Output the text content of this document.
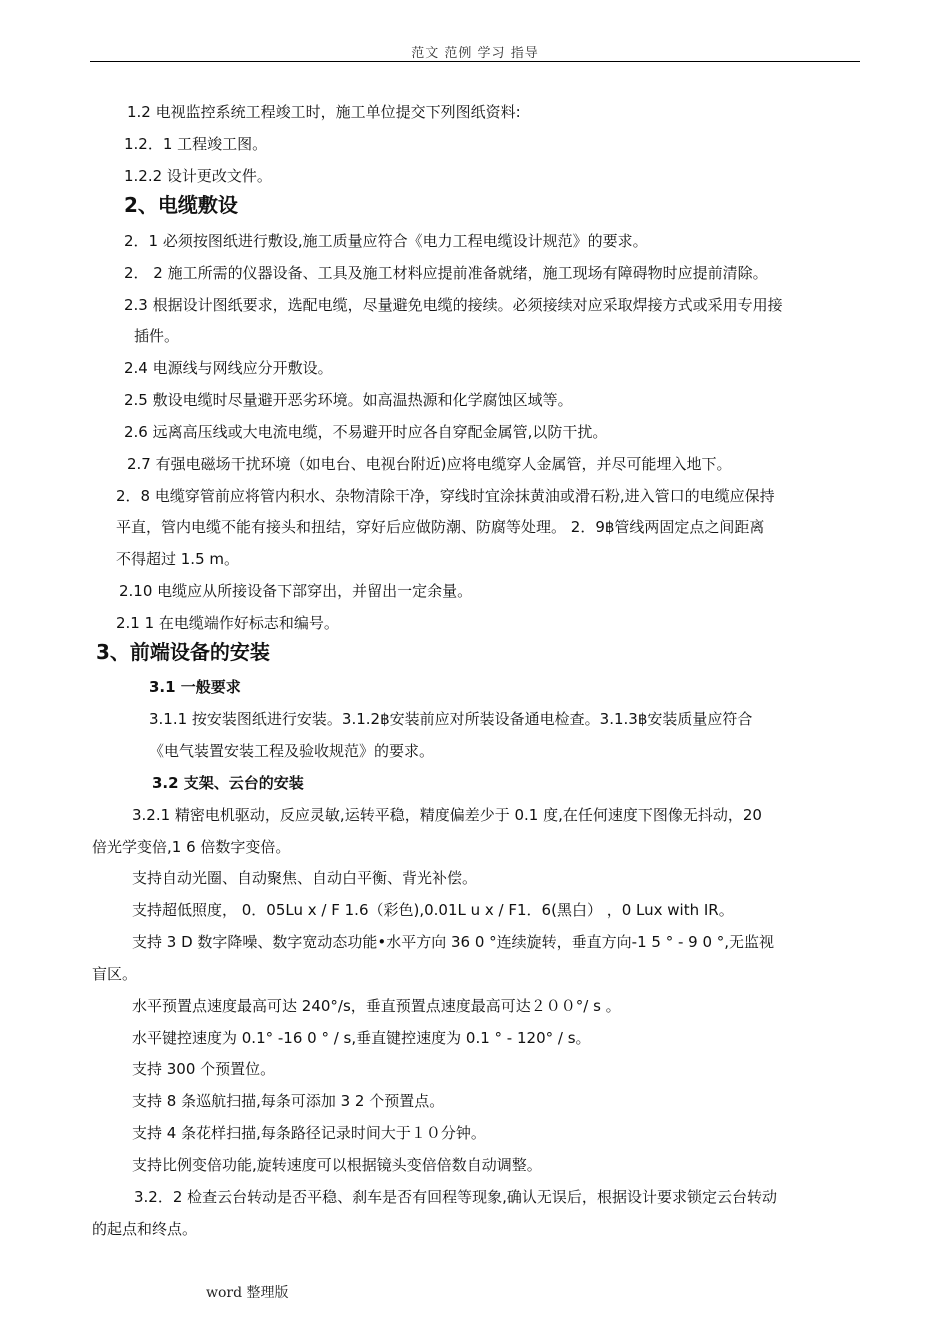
范文 范例 学习 指导
1.2 电视监控系统工程竣工时，施工单位提交下列图纸资料:
1.2．1 工程竣工图。
1.2.2 设计更改文件。
2、电缆敷设
2．1 必须按图纸进行敷设,施工质量应符合《电力工程电缆设计规范》的要求。
2． 2 施工所需的仪器设备、工具及施工材料应提前准备就绪，施工现场有障碍物时应提前清除。
2.3 根据设计图纸要求，选配电缆，尽量避免电缆的接续。必须接续对应采取焊接方式或采用专用接
插件。
2.4 电源线与网线应分开敷设。
2.5 敷设电缆时尽量避开恶劣环境。如高温热源和化学腐蚀区域等。
2.6 远离高压线或大电流电缆，不易避开时应各自穿配金属管,以防干扰。
2.7 有强电磁场干扰环境（如电台、电视台附近)应将电缆穿人金属管，并尽可能埋入地下。
2．8 电缆穿管前应将管内积水、杂物清除干净，穿线时宜涂抹黄油或滑石粉,进入管口的电缆应保持
平直，管内电缆不能有接头和扭结，穿好后应做防潮、防腐等处理。 2．9฿管线两固定点之间距离
不得超过 1.5 m。
2.10 电缆应从所接设备下部穿出，并留出一定余量。
2.1 1 在电缆端作好标志和编号。
3、前端设备的安装
3.1 一般要求
3.1.1 按安装图纸进行安装。3.1.2฿安装前应对所装设备通电检查。3.1.3฿安装质量应符合
《电气装置安装工程及验收规范》的要求。
3.2 支架、云台的安装
3.2.1 精密电机驱动，反应灵敏,运转平稳，精度偏差少于 0.1 度,在任何速度下图像无抖动，20
倍光学变倍,1 6 倍数字变倍。
支持自动光圈、自动聚焦、自动白平衡、背光补偿。
支持超低照度， 0．05Lu x / F 1.6（彩色),0.01L u x / F1．6(黑白） ，0 Lux with IR。
支持 3 D 数字降噪、数字宽动态功能•水平方向 36 0 °连续旋转，垂直方向-1 5 ° - 9 0 °,无监视
盲区。
水平预置点速度最高可达 240°/s，垂直预置点速度最高可达２００°/ s 。
水平键控速度为 0.1° -16 0 ° / s,垂直键控速度为 0.1 ° - 120° / s。
支持 300 个预置位。
支持 8 条巡航扫描,每条可添加 3 2 个预置点。
支持 4 条花样扫描,每条路径记录时间大于１０分钟。
支持比例变倍功能,旋转速度可以根据镜头变倍倍数自动调整。
3.2．2 检查云台转动是否平稳、刹车是否有回程等现象,确认无误后，根据设计要求锁定云台转动
的起点和终点。
word 整理版
